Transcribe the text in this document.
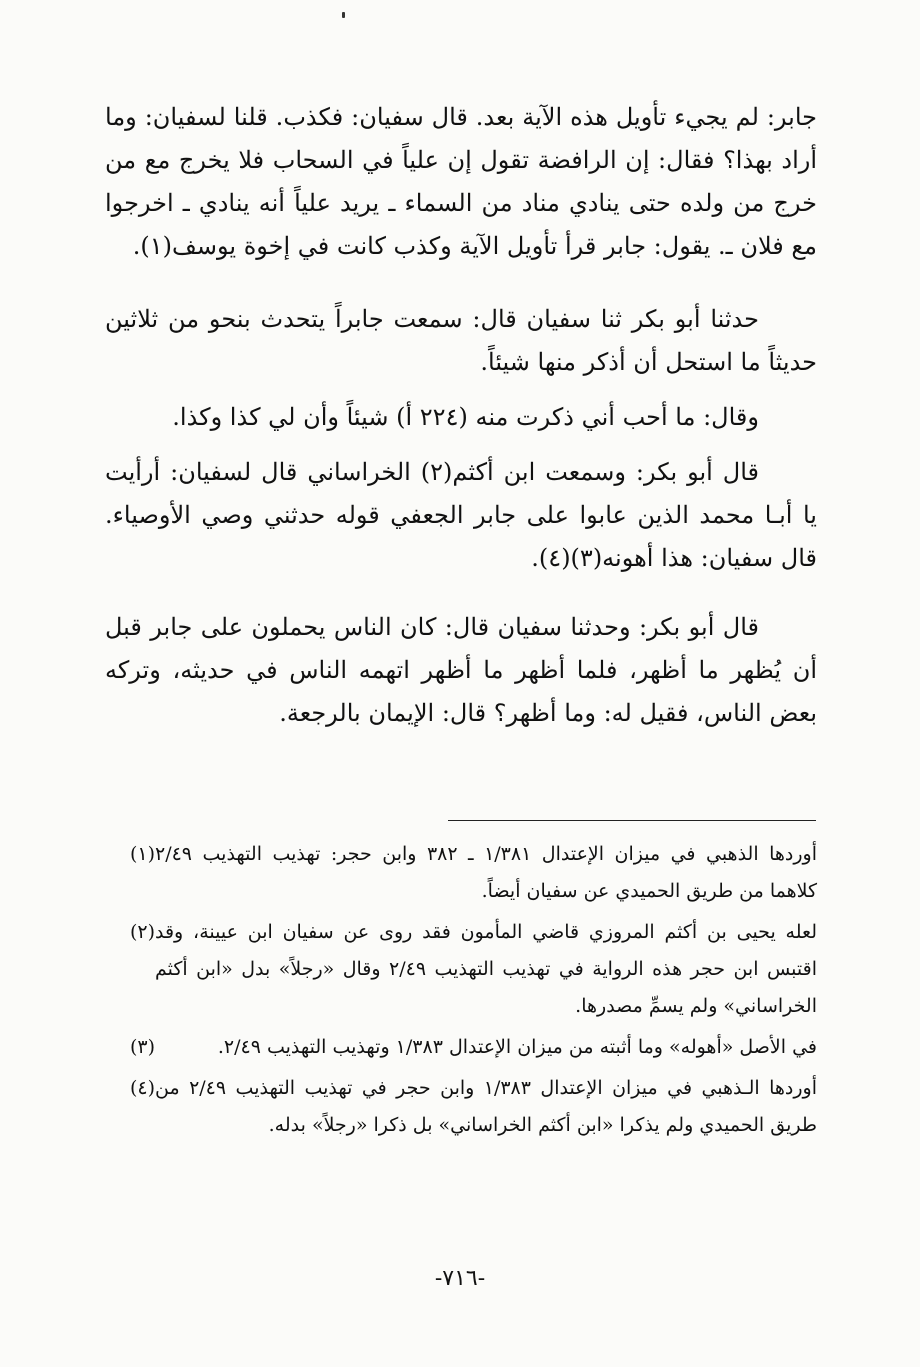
جابر: لم يجيء تأويل هذه الآية بعد. قال سفيان: فكذب. قلنا لسفيان: وما أراد بهذا؟ فقال: إن الرافضة تقول إن علياً في السحاب فلا يخرج مع من خرج من ولده حتى ينادي مناد من السماء ـ يريد علياً أنه ينادي ـ اخرجوا مع فلان ـ. يقول: جابر قرأ تأويل الآية وكذب كانت في إخوة يوسف(١).

حدثنا أبو بكر ثنا سفيان قال: سمعت جابراً يتحدث بنحو من ثلاثين حديثاً ما استحل أن أذكر منها شيئاً.

وقال: ما أحب أني ذكرت منه (٢٢٤ أ) شيئاً وأن لي كذا وكذا.

قال أبو بكر: وسمعت ابن أكثم(٢) الخراساني قال لسفيان: أرأيت يا أبـا محمد الذين عابوا على جابر الجعفي قوله حدثني وصي الأوصياء. قال سفيان: هذا أهونه(٣)(٤).

قال أبو بكر: وحدثنا سفيان قال: كان الناس يحملون على جابر قبل أن يُظهر ما أظهر، فلما أظهر ما أظهر اتهمه الناس في حديثه، وتركه بعض الناس، فقيل له: وما أظهر؟ قال: الإيمان بالرجعة.

(١) أوردها الذهبي في ميزان الإعتدال ١/٣٨١ ـ ٣٨٢ وابن حجر: تهذيب التهذيب ٢/٤٩ كلاهما من طريق الحميدي عن سفيان أيضاً.
(٢) لعله يحيى بن أكثم المروزي قاضي المأمون فقد روى عن سفيان ابن عيينة، وقد اقتبس ابن حجر هذه الرواية في تهذيب التهذيب ٢/٤٩ وقال «رجلاً» بدل «ابن أكثم الخراساني» ولم يسمِّ مصدرها.
(٣)	في الأصل «أهوله» وما أثبته من ميزان الإعتدال ١/٣٨٣ وتهذيب التهذيب ٢/٤٩.
(٤) أوردها الـذهبي في ميزان الإعتدال ١/٣٨٣ وابن حجر في تهذيب التهذيب ٢/٤٩ من طريق الحميدي ولم يذكرا «ابن أكثم الخراساني» بل ذكرا «رجلاً» بدله.
-٧١٦-
